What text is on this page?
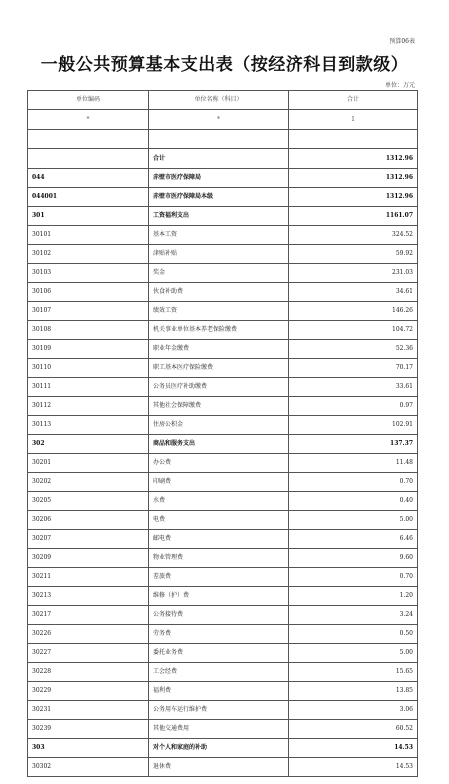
预算06表
一般公共预算基本支出表（按经济科目到款级）
单位：万元
单位编码	单位名称（科目）	合计
*	*	1

	合计	1312.96
044	赤壁市医疗保障局	1312.96
044001	赤壁市医疗保障局本级	1312.96
301	工资福利支出	1161.07
30101	基本工资	324.52
30102	津贴补贴	59.92
30103	奖金	231.03
30106	伙食补助费	34.61
30107	绩效工资	146.26
30108	机关事业单位基本养老保险缴费	104.72
30109	职业年金缴费	52.36
30110	职工基本医疗保险缴费	70.17
30111	公务员医疗补助缴费	33.61
30112	其他社会保障缴费	0.97
30113	住房公积金	102.91
302	商品和服务支出	137.37
30201	办公费	11.48
30202	印刷费	0.70
30205	水费	0.40
30206	电费	5.00
30207	邮电费	6.46
30209	物业管理费	9.60
30211	差旅费	0.70
30213	维修（护）费	1.20
30217	公务接待费	3.24
30226	劳务费	0.50
30227	委托业务费	5.00
30228	工会经费	15.65
30229	福利费	13.85
30231	公务用车运行维护费	3.06
30239	其他交通费用	60.52
303	对个人和家庭的补助	14.53
30302	退休费	14.53
